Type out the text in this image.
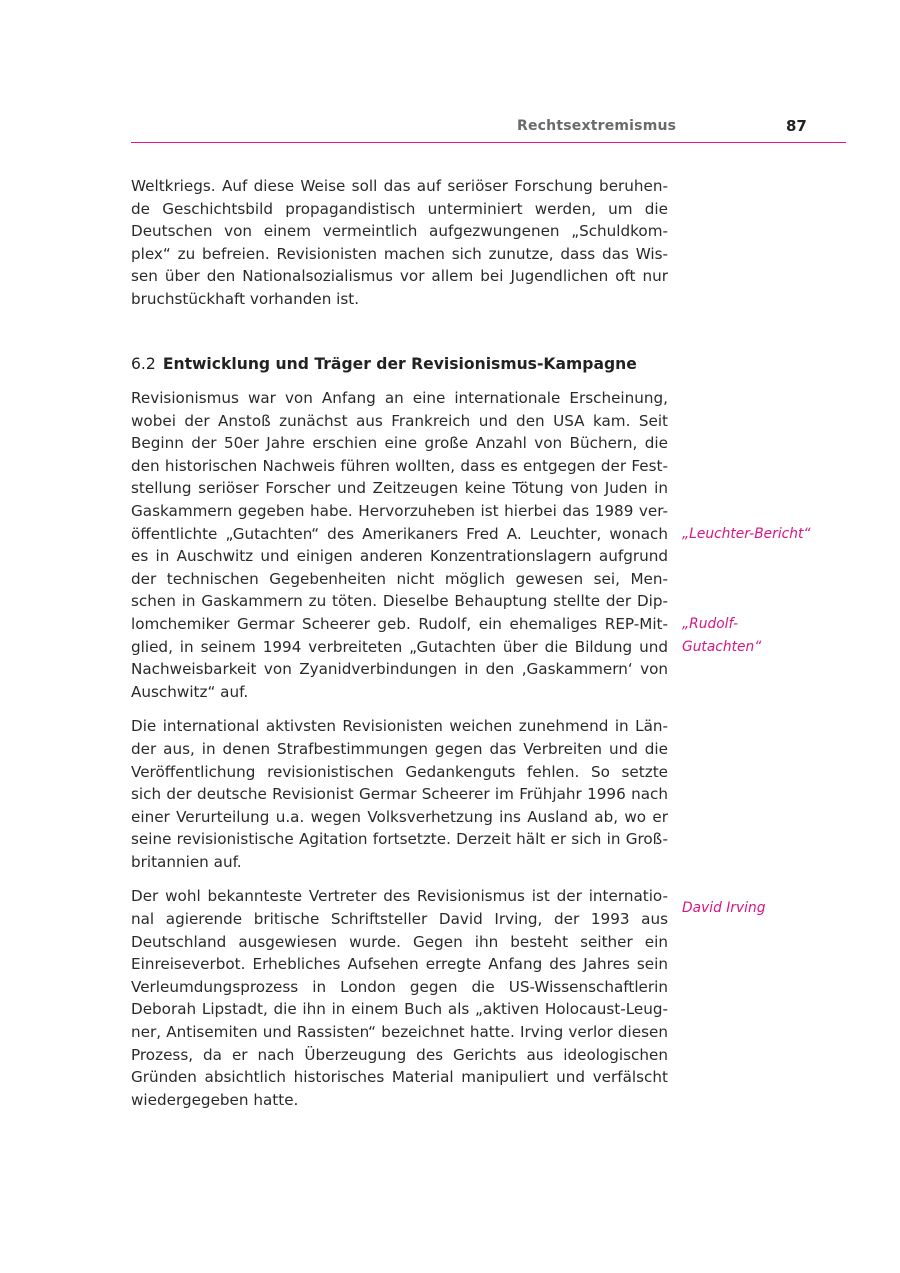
Rechtsextremismus	87
Weltkriegs. Auf diese Weise soll das auf seriöser Forschung beruhen-
de Geschichtsbild propagandistisch unterminiert werden, um die
Deutschen von einem vermeintlich aufgezwungenen „Schuldkom-
plex“ zu befreien. Revisionisten machen sich zunutze, dass das Wis-
sen über den Nationalsozialismus vor allem bei Jugendlichen oft nur
bruchstückhaft vorhanden ist.
6.2 Entwicklung und Träger der Revisionismus-Kampagne
Revisionismus war von Anfang an eine internationale Erscheinung,
wobei der Anstoß zunächst aus Frankreich und den USA kam. Seit
Beginn der 50er Jahre erschien eine große Anzahl von Büchern, die
den historischen Nachweis führen wollten, dass es entgegen der Fest-
stellung seriöser Forscher und Zeitzeugen keine Tötung von Juden in
Gaskammern gegeben habe. Hervorzuheben ist hierbei das 1989 ver-
öffentlichte „Gutachten“ des Amerikaners Fred A. Leuchter, wonach
es in Auschwitz und einigen anderen Konzentrationslagern aufgrund
der technischen Gegebenheiten nicht möglich gewesen sei, Men-
schen in Gaskammern zu töten. Dieselbe Behauptung stellte der Dip-
lomchemiker Germar Scheerer geb. Rudolf, ein ehemaliges REP-Mit-
glied, in seinem 1994 verbreiteten „Gutachten über die Bildung und
Nachweisbarkeit von Zyanidverbindungen in den ‚Gaskammern‘ von
Auschwitz“ auf.
Die international aktivsten Revisionisten weichen zunehmend in Län-
der aus, in denen Strafbestimmungen gegen das Verbreiten und die
Veröffentlichung revisionistischen Gedankenguts fehlen. So setzte
sich der deutsche Revisionist Germar Scheerer im Frühjahr 1996 nach
einer Verurteilung u.a. wegen Volksverhetzung ins Ausland ab, wo er
seine revisionistische Agitation fortsetzte. Derzeit hält er sich in Groß-
britannien auf.
Der wohl bekannteste Vertreter des Revisionismus ist der internatio-
nal agierende britische Schriftsteller David Irving, der 1993 aus
Deutschland ausgewiesen wurde. Gegen ihn besteht seither ein
Einreiseverbot. Erhebliches Aufsehen erregte Anfang des Jahres sein
Verleumdungsprozess in London gegen die US-Wissenschaftlerin
Deborah Lipstadt, die ihn in einem Buch als „aktiven Holocaust-Leug-
ner, Antisemiten und Rassisten“ bezeichnet hatte. Irving verlor diesen
Prozess, da er nach Überzeugung des Gerichts aus ideologischen
Gründen absichtlich historisches Material manipuliert und verfälscht
wiedergegeben hatte.
„Leuchter-Bericht“
„Rudolf-
Gutachten“
David Irving
